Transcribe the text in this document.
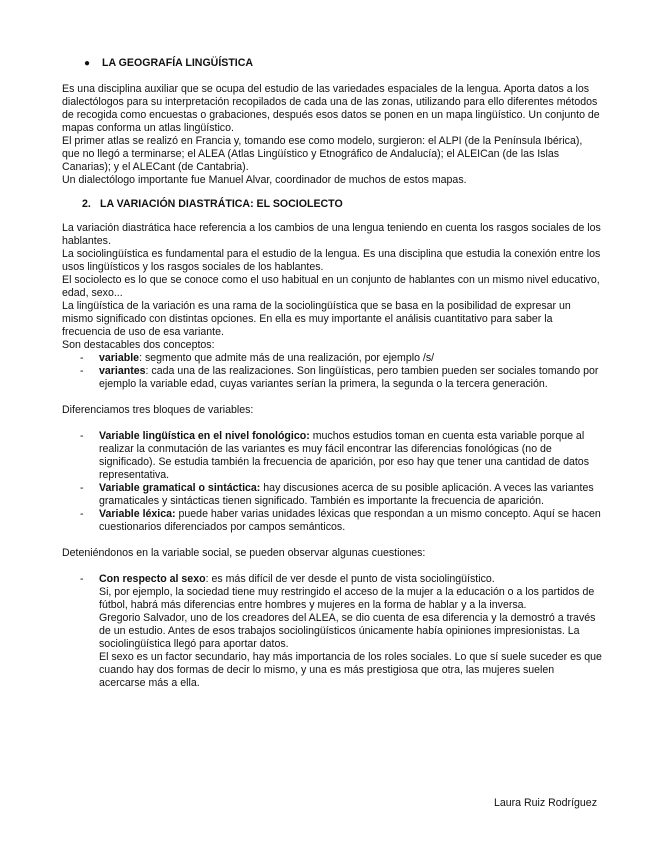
●	LA GEOGRAFÍA LINGÜÍSTICA

Es una disciplina auxiliar que se ocupa del estudio de las variedades espaciales de la lengua. Aporta datos a los dialectólogos para su interpretación recopilados de cada una de las zonas, utilizando para ello diferentes métodos de recogida como encuestas o grabaciones, después esos datos se ponen en un mapa lingüístico. Un conjunto de mapas conforma un atlas lingüístico.

El primer atlas se realizó en Francia y, tomando ese como modelo, surgieron: el ALPI (de la Península Ibérica), que no llegó a terminarse; el ALEA (Atlas Lingüístico y Etnográfico de Andalucía); el ALEICan (de las Islas Canarias); y el ALECant (de Cantabria).

Un dialectólogo importante fue Manuel Alvar, coordinador de muchos de estos mapas.

2. LA VARIACIÓN DIASTRÁTICA: EL SOCIOLECTO

La variación diastrática hace referencia a los cambios de una lengua teniendo en cuenta los rasgos sociales de los hablantes.

La sociolingüística es fundamental para el estudio de la lengua. Es una disciplina que estudia la conexión entre los usos lingüísticos y los rasgos sociales de los hablantes.

El sociolecto es lo que se conoce como el uso habitual en un conjunto de hablantes con un mismo nivel educativo, edad, sexo...

La lingüística de la variación es una rama de la sociolingüística que se basa en la posibilidad de expresar un mismo significado con distintas opciones. En ella es muy importante el análisis cuantitativo para saber la frecuencia de uso de esa variante.

Son destacables dos conceptos:

- variable: segmento que admite más de una realización, por ejemplo /s/
- variantes: cada una de las realizaciones. Son lingüísticas, pero tambien pueden ser sociales tomando por ejemplo la variable edad, cuyas variantes serían la primera, la segunda o la tercera generación.

Diferenciamos tres bloques de variables:

- Variable lingüística en el nivel fonológico: muchos estudios toman en cuenta esta variable porque al realizar la conmutación de las variantes es muy fácil encontrar las diferencias fonológicas (no de significado). Se estudia también la frecuencia de aparición, por eso hay que tener una cantidad de datos representativa.
- Variable gramatical o sintáctica: hay discusiones acerca de su posible aplicación. A veces las variantes gramaticales y sintácticas tienen significado. También es importante la frecuencia de aparición.
- Variable léxica: puede haber varias unidades léxicas que respondan a un mismo concepto. Aquí se hacen cuestionarios diferenciados por campos semánticos.

Deteniéndonos en la variable social, se pueden observar algunas cuestiones:

- Con respecto al sexo: es más difícil de ver desde el punto de vista sociolingüístico.

Si, por ejemplo, la sociedad tiene muy restringido el acceso de la mujer a la educación o a los partidos de fútbol, habrá más diferencias entre hombres y mujeres en la forma de hablar y a la inversa.

Gregorio Salvador, uno de los creadores del ALEA, se dio cuenta de esa diferencia y la demostró a través de un estudio. Antes de esos trabajos sociolingüísticos únicamente había opiniones impresionistas. La sociolingüística llegó para aportar datos.

El sexo es un factor secundario, hay más importancia de los roles sociales. Lo que sí suele suceder es que cuando hay dos formas de decir lo mismo, y una es más prestigiosa que otra, las mujeres suelen acercarse más a ella.

Laura Ruiz Rodríguez
